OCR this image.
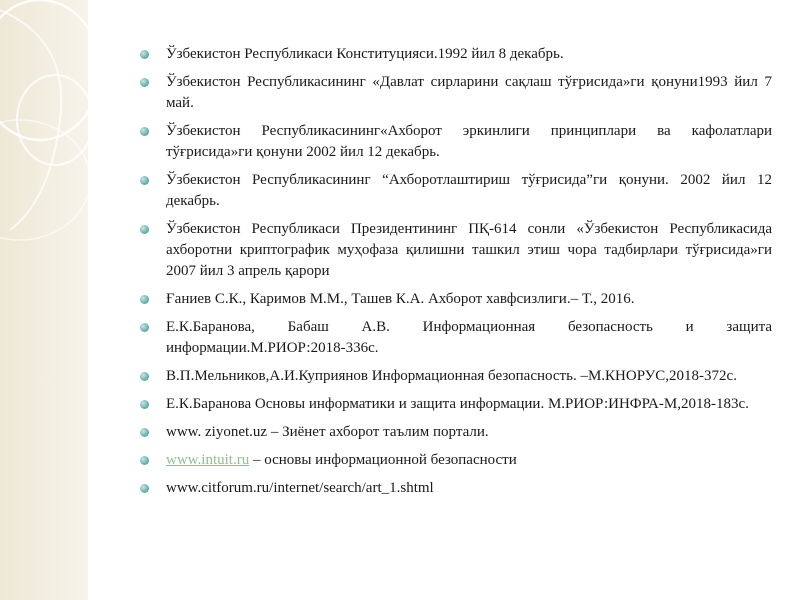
Ўзбекистон Республикаси Конституцияси.1992 йил 8 декабрь.
Ўзбекистон Республикасининг «Давлат сирларини сақлаш тўғрисида»ги қонуни1993 йил 7 май.
Ўзбекистон Республикасининг«Ахборот эркинлиги принциплари ва кафолатлари тўғрисида»ги қонуни 2002 йил 12 декабрь.
Ўзбекистон Республикасининг “Ахборотлаштириш тўғрисида”ги қонуни. 2002 йил 12 декабрь.
Ўзбекистон Республикаси Президентининг ПҚ-614 сонли «Ўзбекистон Республикасида ахборотни криптографик муҳофаза қилишни ташкил этиш чора тадбирлари тўғрисида»ги 2007 йил 3 апрель қарори
Ғаниев С.К., Каримов М.М., Ташев К.А. Ахборот хавфсизлиги.– Т., 2016.
Е.К.Баранова, Бабаш А.В. Информационная безопасность и защита информации.М.РИОР:2018-336с.
В.П.Мельников,А.И.Куприянов Информационная безопасность. –М.КНОРУС,2018-372с.
Е.К.Баранова Основы информатики и защита информации. М.РИОР:ИНФРА-М,2018-183с.
www. ziyonet.uz – Зиёнет ахборот таълим портали.
www.intuit.ru – основы информационной безопасности
www.citforum.ru/internet/search/art_1.shtml
